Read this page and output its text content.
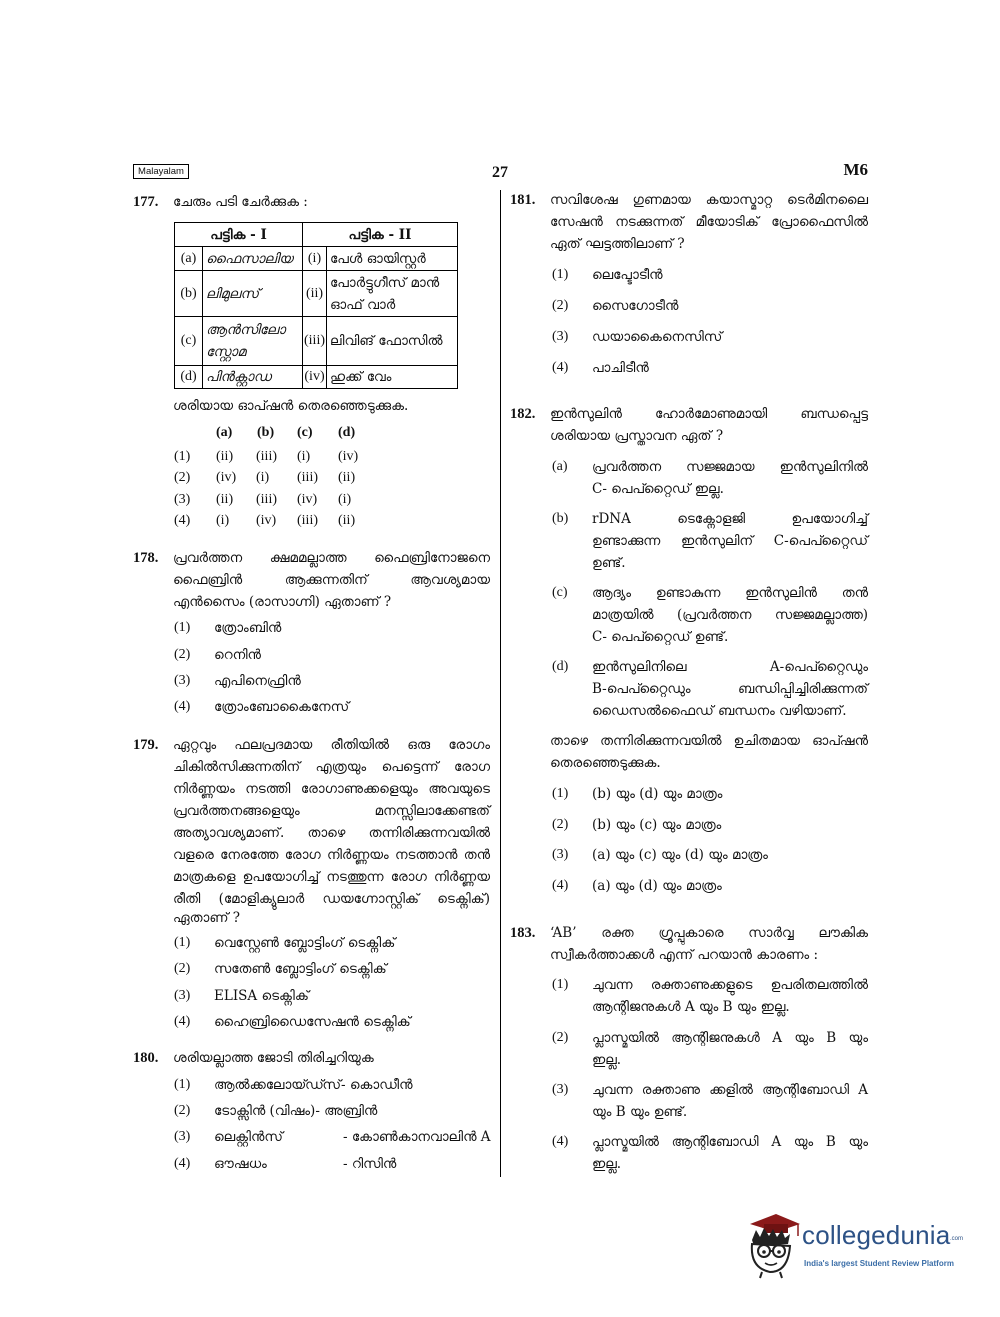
Malayalam	27	M6
177. ചേരും പടി ചേർക്കുക :
പട്ടിക - I		പട്ടിക - II	
(a)	ഫൈസാലിയ	(i)	പേൾ ഓയിസ്റ്റർ

(b)	ലിമുലസ്	(ii)	പോർട്ടുഗീസ് മാൻ
ഓഫ് വാർ

(c)	ആൻസിലോ
സ്റ്റോമ	(iii)	ലിവിങ് ഫോസിൽ

(d)	പിൻക്റ്റാഡ	(iv)	ഹുക്ക് വേം
ശരിയായ ഓപ്ഷൻ തെരഞ്ഞെടുക്കുക.
(a) (b) (c) (d)
(1) (ii) (iii) (i) (iv)
(2) (iv) (i) (iii) (ii)
(3) (ii) (iii) (iv) (i)
(4) (i) (iv) (iii) (ii)
178. പ്രവർത്തന ക്ഷമമല്ലാത്ത ഫൈബ്രിനോജനെ
ഫൈബ്രിൻ ആക്കുന്നതിന് ആവശ്യമായ
എൻസൈം (രാസാഗ്നി) ഏതാണ് ?
(1) ത്രോംബിൻ
(2) റെനിൻ
(3) എപിനെഫ്രിൻ
(4) ത്രോംബോകൈനേസ്
179. ഏറ്റവും ഫലപ്രദമായ രീതിയിൽ ഒരു രോഗം
ചികിൽസിക്കുന്നതിന് എത്രയും പെട്ടെന്ന് രോഗ
നിർണ്ണയം നടത്തി രോഗാണുക്കളെയും അവയുടെ
പ്രവർത്തനങ്ങളെയും മനസ്സിലാക്കേണ്ടത്
അത്യാവശ്യമാണ്. താഴെ തന്നിരിക്കുന്നവയിൽ
വളരെ നേരത്തേ രോഗ നിർണ്ണയം നടത്താൻ തൻ
മാത്രകളെ ഉപയോഗിച്ച് നടത്തുന്ന രോഗ നിർണ്ണയ
രീതി (മോളിക്യുലാർ ഡയഗ്നോസ്റ്റിക് ടെക്നിക്)
ഏതാണ് ?
(1) വെസ്റ്റേൺ ബ്ലോട്ടിംഗ് ടെക്നിക്
(2) സതേൺ ബ്ലോട്ടിംഗ് ടെക്നിക്
(3) ELISA ടെക്നിക്
(4) ഹൈബ്രിഡൈസേഷൻ ടെക്നിക്
180. ശരിയല്ലാത്ത ജോടി തിരിച്ചറിയുക
(1) ആൽക്കലോയ്ഡ്സ്- കൊഡീൻ
(2) ടോക്സിൻ (വിഷം)- അബ്രിൻ
(3) ലെക്റ്റിൻസ്	- കോൺകാനവാലിൻ A
(4) ഔഷധം	- റിസിൻ
181. സവിശേഷ ഗുണമായ കയാസ്മാറ്റ ടെർമിനലൈ
സേഷൻ നടക്കുന്നത് മീയോടിക് പ്രോഫൈസിൽ
ഏത് ഘട്ടത്തിലാണ് ?
(1) ലെപ്ടോടീൻ
(2) സൈഗോടീൻ
(3) ഡയാകൈനെസിസ്
(4) പാചിടീൻ
182. ഇൻസുലിൻ ഹോർമോണുമായി ബന്ധപ്പെട്ട
ശരിയായ പ്രസ്താവന ഏത് ?
(a) പ്രവർത്തന സജ്ജമായ ഇൻസുലിനിൽ
C- പെപ്റ്റൈഡ് ഇല്ല.
(b) rDNA ടെക്നോളജി ഉപയോഗിച്ച്
ഉണ്ടാക്കുന്ന ഇൻസുലിന് C-പെപ്റ്റൈഡ്
ഉണ്ട്.
(c) ആദ്യം ഉണ്ടാകുന്ന ഇൻസുലിൻ തൻ
മാത്രയിൽ (പ്രവർത്തന സജ്ജമല്ലാത്ത)
C- പെപ്റ്റൈഡ് ഉണ്ട്.
(d) ഇൻസുലിനിലെ A-പെപ്റ്റൈഡും
B-പെപ്റ്റൈഡും ബന്ധിപ്പിച്ചിരിക്കുന്നത്
ഡൈസൽഫൈഡ് ബന്ധനം വഴിയാണ്.
താഴെ തന്നിരിക്കുന്നവയിൽ ഉചിതമായ ഓപ്ഷൻ
തെരഞ്ഞെടുക്കുക.
(1) (b) യും (d) യും മാത്രം
(2) (b) യും (c) യും മാത്രം
(3) (a) യും (c) യും (d) യും മാത്രം
(4) (a) യും (d) യും മാത്രം
183. ‘AB’ രക്ത ഗ്രൂപ്പുകാരെ സാർവ്വ ലൗകിക
സ്വീകർത്താക്കൾ എന്ന് പറയാൻ കാരണം :
(1) ചുവന്ന രക്താണുക്കളുടെ ഉപരിതലത്തിൽ
ആന്റിജനുകൾ A യും B യും ഇല്ല.
(2) പ്ലാസ്മയിൽ ആന്റിജനുകൾ A യും B യും
ഇല്ല.
(3) ചുവന്ന രക്താണു ക്കളിൽ ആന്റിബോഡി A
യും B യും ഉണ്ട്.
(4) പ്ലാസ്മയിൽ ആന്റിബോഡി A യും B യും
ഇല്ല.
collegedunia .com
India's largest Student Review Platform
